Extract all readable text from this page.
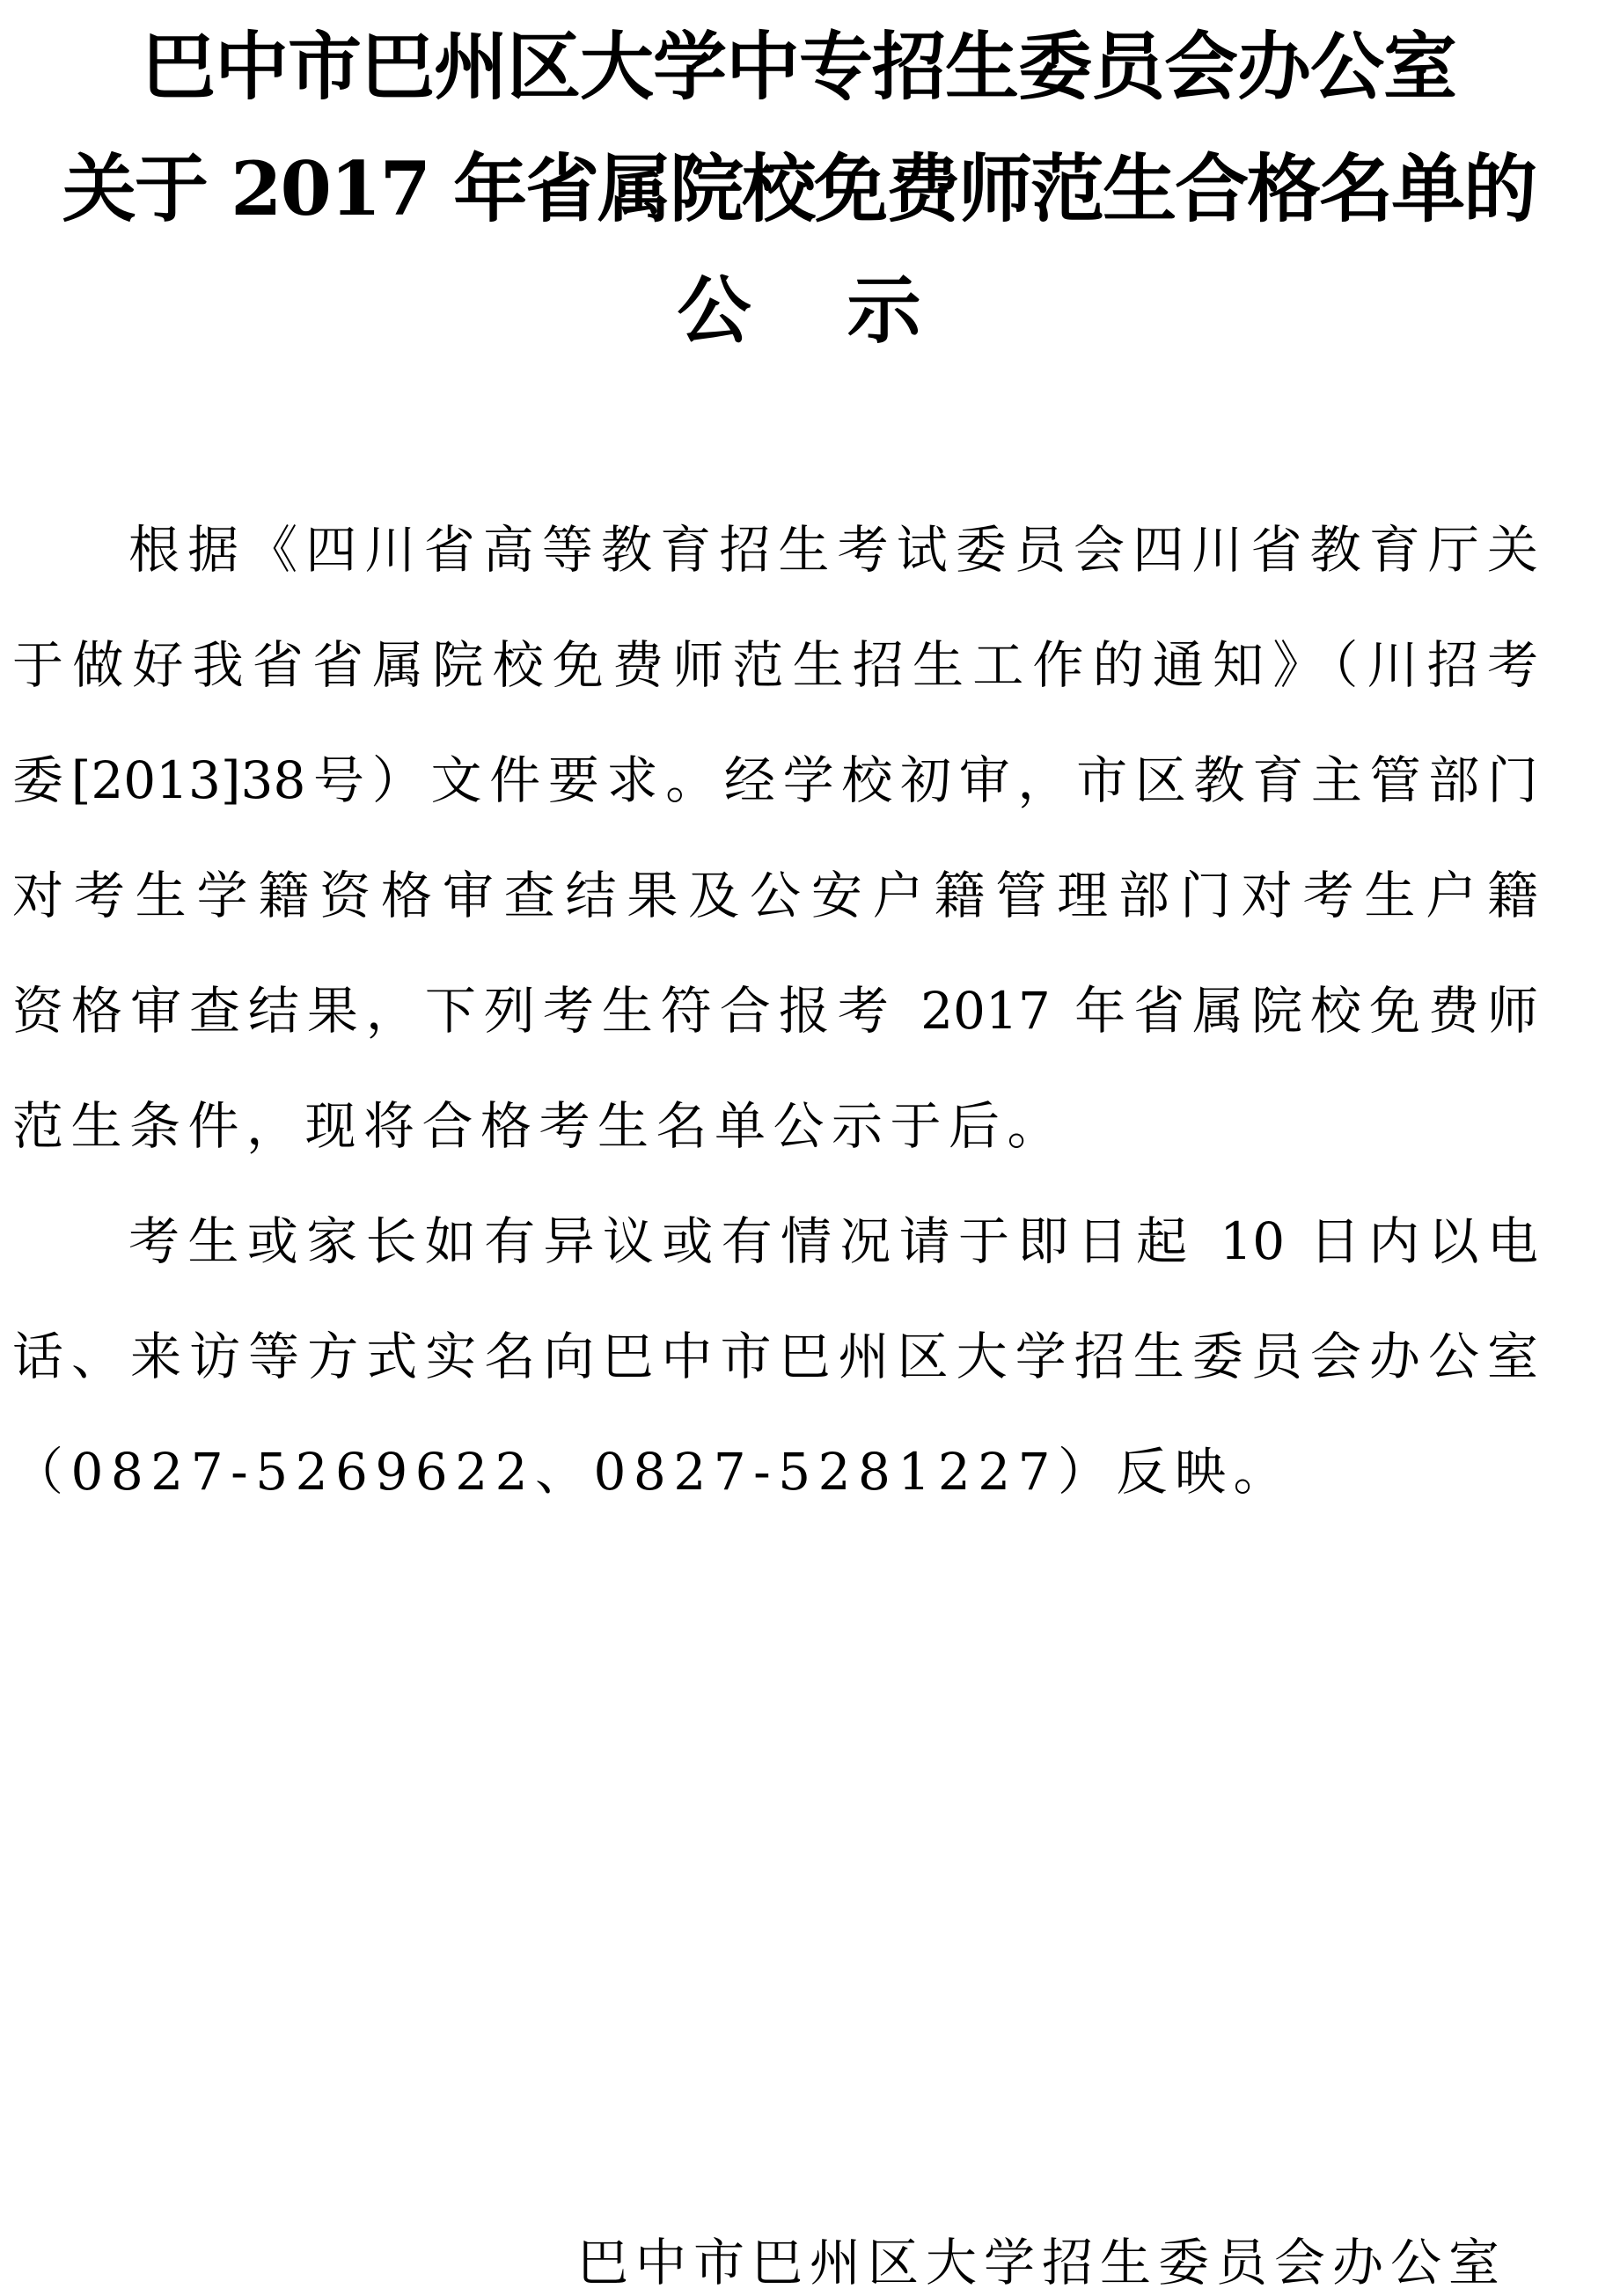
巴中市巴州区大学中专招生委员会办公室
关于 2017 年省属院校免费师范生合格名单的
公 示
根据《四川省高等教育招生考试委员会四川省教育厅关
于做好我省省属院校免费师范生招生工作的通知》（川招考
委[2013]38号）文件要求。经学校初审，市区教育主管部门
对考生学籍资格审查结果及公安户籍管理部门对考生户籍
资格审查结果，下列考生符合报考 2017 年省属院校免费师
范生条件，现将合格考生名单公示于后。
考生或家长如有异议或有情况请于即日起 10 日内以电
话、来访等方式实名向巴中市巴州区大学招生委员会办公室
（0827-5269622、0827-5281227）反映。
巴中市巴州区大学招生委员会办公室
